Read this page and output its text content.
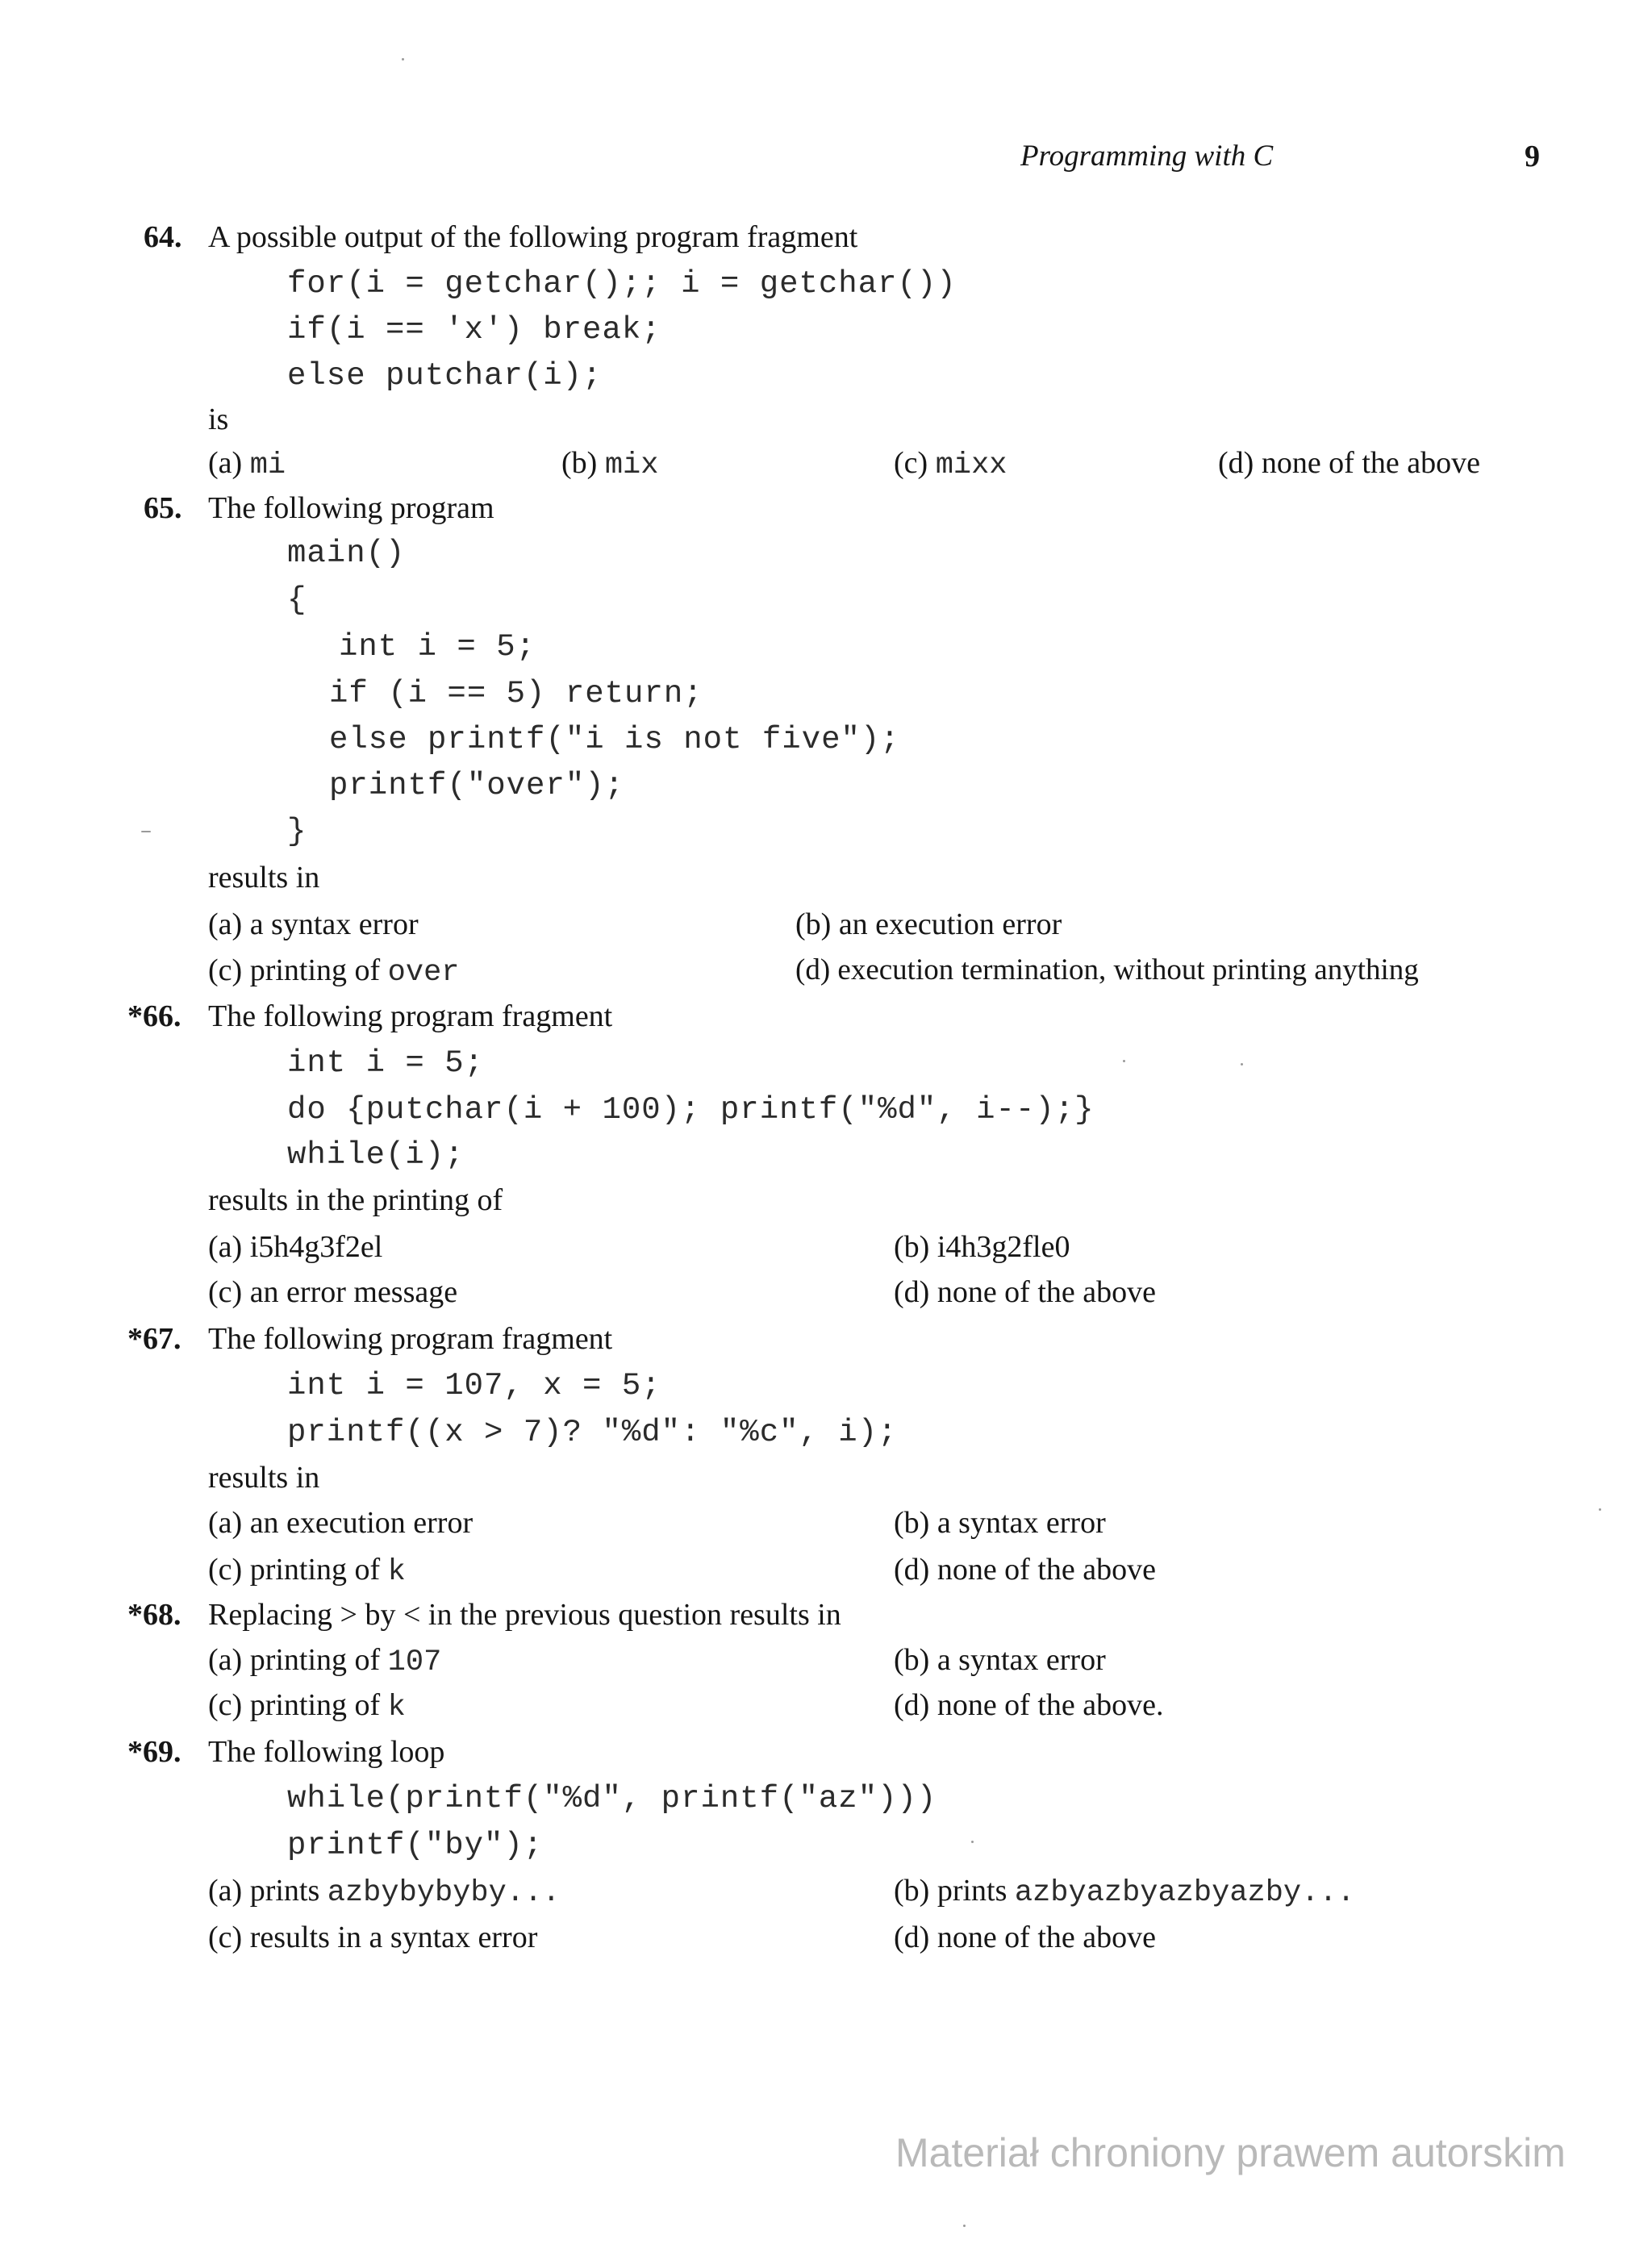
Programming with C	9
64. A possible output of the following program fragment
for(i = getchar();; i = getchar())
if(i == 'x') break;
else putchar(i);
is
(a) mi	(b) mix	(c) mixx	(d) none of the above
65. The following program
main()
{
int i = 5;
if (i == 5) return;
else printf("i is not five");
printf("over");
}
results in
(a) a syntax error	(b) an execution error
(c) printing of over	(d) execution termination, without printing anything
*66. The following program fragment
int i = 5;
do {putchar(i + 100); printf("%d", i--);}
while(i);
results in the printing of
(a) i5h4g3f2el	(b) i4h3g2fle0
(c) an error message	(d) none of the above
*67. The following program fragment
int i = 107, x = 5;
printf((x > 7)? "%d": "%c", i);
results in
(a) an execution error	(b) a syntax error
(c) printing of k	(d) none of the above
*68. Replacing > by < in the previous question results in
(a) printing of 107	(b) a syntax error
(c) printing of k	(d) none of the above.
*69. The following loop
while(printf("%d", printf("az")))
printf("by");
(a) prints azbybybyby...	(b) prints azbyazbyazbyazby...
(c) results in a syntax error	(d) none of the above
Materiał chroniony prawem autorskim
